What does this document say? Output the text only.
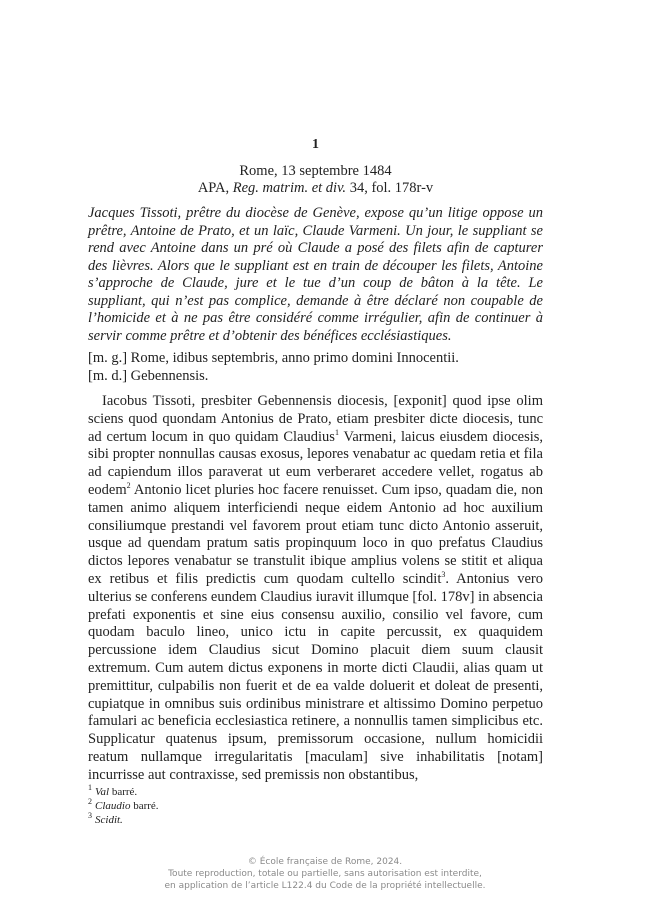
1
Rome, 13 septembre 1484
APA, Reg. matrim. et div. 34, fol. 178r-v

Jacques Tissoti, prêtre du diocèse de Genève, expose qu’un litige oppose un prêtre, Antoine de Prato, et un laïc, Claude Varmeni. Un jour, le suppliant se rend avec Antoine dans un pré où Claude a posé des filets afin de capturer des lièvres. Alors que le suppliant est en train de découper les filets, Antoine s’approche de Claude, jure et le tue d’un coup de bâton à la tête. Le suppliant, qui n’est pas complice, demande à être déclaré non coupable de l’homicide et à ne pas être considéré comme irrégulier, afin de continuer à servir comme prêtre et d’obtenir des bénéfices ecclésiastiques.

[m. g.] Rome, idibus septembris, anno primo domini Innocentii.
[m. d.] Gebennensis.

Iacobus Tissoti, presbiter Gebennensis diocesis, [exponit] quod ipse olim sciens quod quondam Antonius de Prato, etiam presbiter dicte diocesis, tunc ad certum locum in quo quidam Claudius$^1$ Varmeni, laicus eiusdem diocesis, sibi propter nonnullas causas exosus, lepores venabatur ac quedam retia et fila ad capiendum illos paraverat ut eum verberaret accedere vellet, rogatus ab eodem$^2$ Antonio licet pluries hoc facere renuisset. Cum ipso, quadam die, non tamen animo aliquem interficiendi neque eidem Antonio ad hoc auxilium consiliumque prestandi vel favorem prout etiam tunc dicto Antonio asseruit, usque ad quendam pratum satis propinquum loco in quo prefatus Claudius dictos lepores venabatur se transtulit ibique amplius volens se stitit et aliqua ex retibus et filis predictis cum quodam cultello scindit$^3$. Antonius vero ulterius se conferens eundem Claudius iuravit illumque [fol. 178v] in absencia prefati exponentis et sine eius consensu auxilio, consilio vel favore, cum quodam baculo lineo, unico ictu in capite percussit, ex quaquidem percussione idem Claudius sicut Domino placuit diem suum clausit extremum. Cum autem dictus exponens in morte dicti Claudii, alias quam ut premittitur, culpabilis non fuerit et de ea valde doluerit et doleat de presenti, cupiatque in omnibus suis ordinibus ministrare et altissimo Domino perpetuo famulari ac beneficia ecclesiastica retinere, a nonnullis tamen simplicibus etc. Supplicatur quatenus ipsum, premissorum occasione, nullum homicidii reatum nullamque irregularitatis [maculam] sive inhabilitatis [notam] incurrisse aut contraxisse, sed premissis non obstantibus,

$^1$ Val barré.
$^2$ Claudio barré.
$^3$ Scidit.
© École française de Rome, 2024.
Toute reproduction, totale ou partielle, sans autorisation est interdite,
en application de l’article L122.4 du Code de la propriété intellectuelle.
